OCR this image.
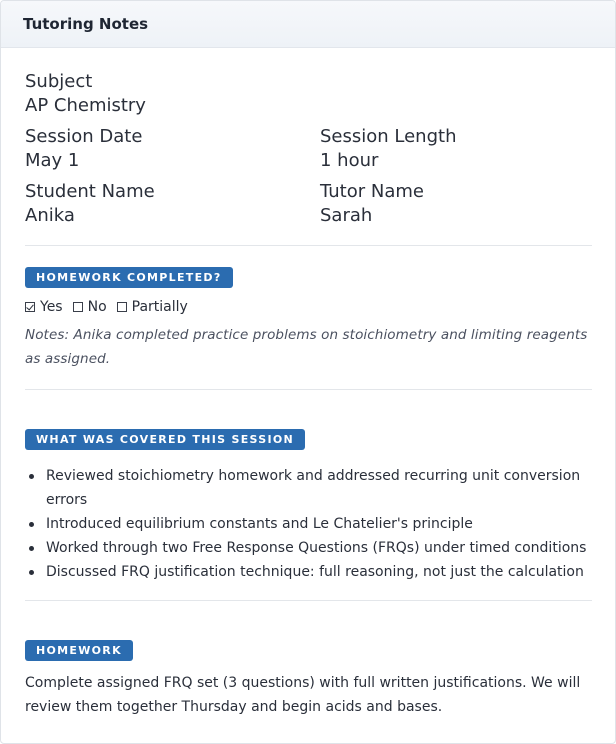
Tutoring Notes
Subject
AP Chemistry
Session Date
May 1
Session Length
1 hour
Student Name
Anika
Tutor Name
Sarah
HOMEWORK COMPLETED?
Yes No Partially
Notes: Anika completed practice problems on stoichiometry and limiting reagents as assigned.
WHAT WAS COVERED THIS SESSION
Reviewed stoichiometry homework and addressed recurring unit conversion errors
Introduced equilibrium constants and Le Chatelier's principle
Worked through two Free Response Questions (FRQs) under timed conditions
Discussed FRQ justification technique: full reasoning, not just the calculation
HOMEWORK
Complete assigned FRQ set (3 questions) with full written justifications. We will review them together Thursday and begin acids and bases.
